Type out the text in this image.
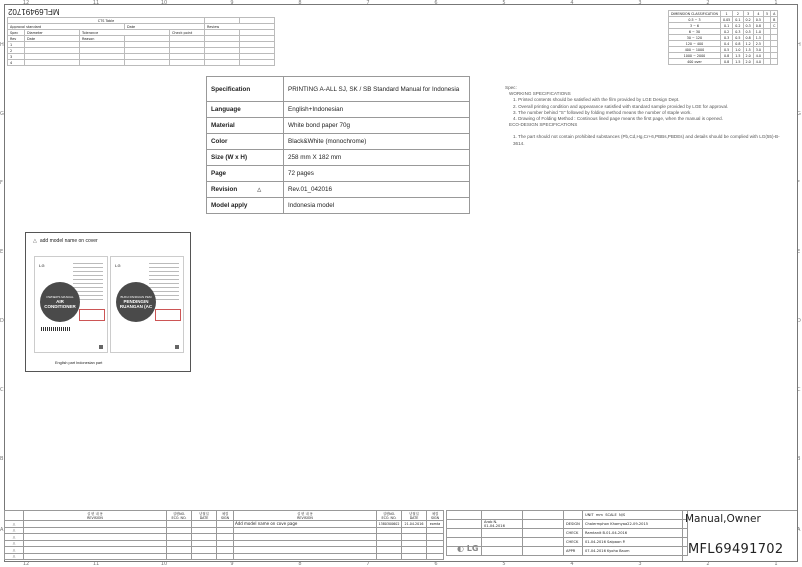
12	11	10	9	8	7	6	5	4	3	2	1
12	11	10	9	8	7	6	5	4	3	2	1
A
B
C
D
E
F
G
H
A
B
C
D
E
F
G
H
MFL69491702
CTS Table						
Approval standard			Date		Review	
Spec	Diameter	Tolerance		Check point		
Rev	Date	Reason				
1						
2						
3						
4						
DIMENSION CLASSIFICATION	1	2	3	4	5	A
0.5 ~ 3	0.05	0.1	0.2	0.5		B
3 ~ 6	0.1	0.2	0.3	0.8		C
6 ~ 30	0.2	0.3	0.5	1.0		
30 ~ 120	0.3	0.5	0.8	1.5		
120 ~ 400	0.4	0.8	1.2	2.5		
400 ~ 1000	0.5	1.0	1.5	3.0		
1000 ~ 2000	0.8	1.5	2.0	4.0		
400 over	0.8	1.5	2.0	4.0		
Specification	PRINTING A-ALL SJ, SK / SB Standard Manual for Indonesia
Language	English+Indonesian
Material	White bond paper 70g
Color	Black&White (monochrome)
Size (W x H)	258 mm X 182 mm
Page	72 pages
Revision △	Rev.01_042016
Model apply	Indonesia model
Spec:
WORKING SPECIFICATIONS
1. Printed contents should be satisfied with the film provided by LGE Design Dept.
2. Overall printing condition and appearance satisfied with standard sample provided by LGE for approval.
3. The number behind "S" followed by folding method means the number of staple work.
4. Drawing of Folding Method : Continous lined page means the first page, when the manual is opened.
ECO-DESIGN SPECIFICATIONS
1. The part should not contain prohibited substances (Pb,Cd,Hg,Cr+6,PBBs,PBDEs) and details should be complied with LG(55)-B-3614.
△ add model name on cover
LG
OWNER'S MANUAL
AIR CONDITIONER
LG
BUKU PANDUAN PEM
PENDINGIN RUANGAN (AC
English part Indonesian part
	설 변 내 용
REVISION	설변NO.
ECO. NO.	년월일
DATE	체결
SIGN	설 변 내 용
REVISION	설변NO.
ECO. NO.	년월일
DATE	체결
SIGN
△					Add model name on cove page	1380300602	21.04.2016	eomta
△								
△								
△								
△								
△								
				UNIT mm SCALE N/S
	Arab N.
01-04-2016		DESIGN	Chalermphon Khamyaa22-09-2015
			CHECK	Ramtanit B.01-04-2016
			CHECK	01-04-2016 Saipaon P.
			APPR	07-04-2016 Kyoho Baum
◐ LG
Manual,Owner
MFL69491702
